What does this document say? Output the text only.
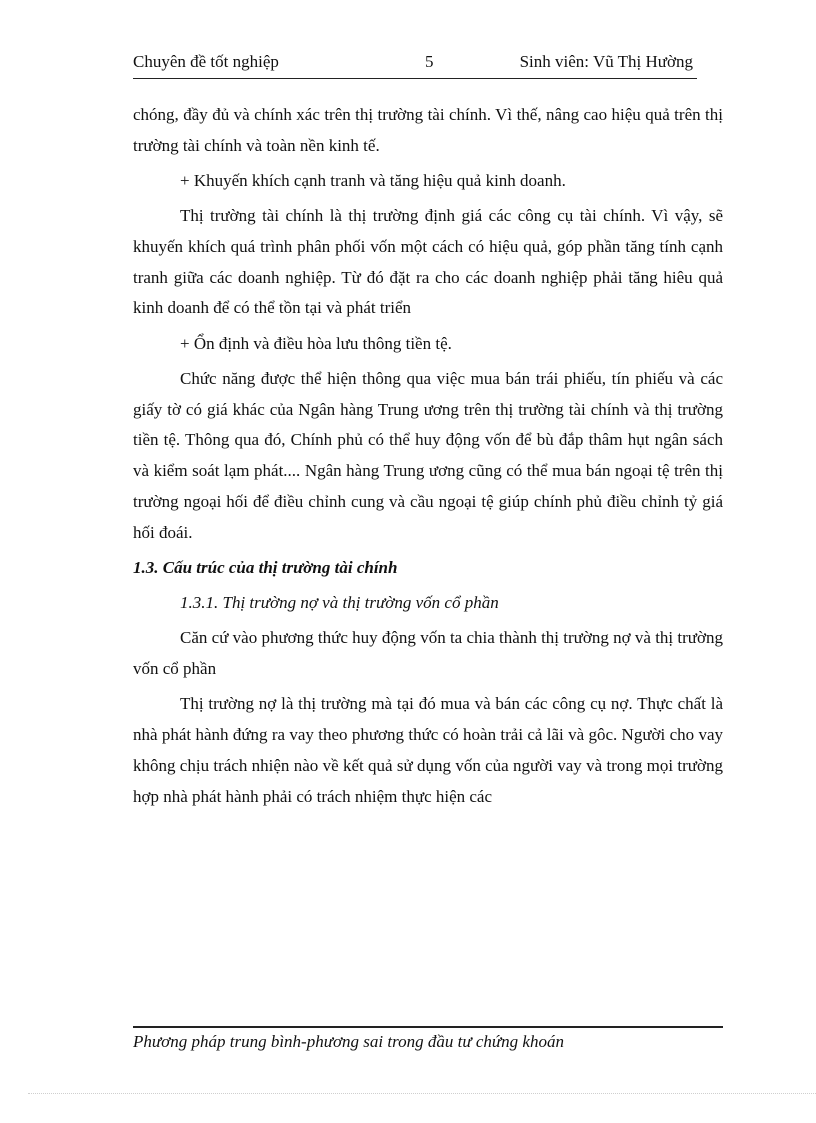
Chuyên đề tốt nghiệp	5	Sinh viên: Vũ Thị Hường

chóng, đầy đủ và chính xác trên thị trường tài chính. Vì thế, nâng cao hiệu quả trên thị trường tài chính và toàn nền kinh tế.

+ Khuyến khích cạnh tranh và tăng hiệu quả kinh doanh.

Thị trường tài chính là thị trường định giá các công cụ tài chính. Vì vậy, sẽ khuyến khích quá trình phân phối vốn một cách có hiệu quả, góp phần tăng tính cạnh tranh giữa các doanh nghiệp. Từ đó đặt ra cho các doanh nghiệp phải tăng hiêu quả kinh doanh để có thể tồn tại và phát triển

+ Ổn định và điều hòa lưu thông tiền tệ.

Chức năng được thể hiện thông qua việc mua bán trái phiếu, tín phiếu và các giấy tờ có giá khác của Ngân hàng Trung ương trên thị trường tài chính và thị trường tiền tệ. Thông qua đó, Chính phủ có thể huy động vốn để bù đắp thâm hụt ngân sách và kiểm soát lạm phát.... Ngân hàng Trung ương cũng có thể mua bán ngoại tệ trên thị trường ngoại hối để điều chỉnh cung và cầu ngoại tệ giúp chính phủ điều chỉnh tỷ giá hối đoái.

1.3. Cấu trúc của thị trường tài chính

1.3.1. Thị trường nợ và thị trường vốn cổ phần

Căn cứ vào phương thức huy động vốn ta chia thành thị trường nợ và thị trường vốn cổ phần

Thị trường nợ là thị trường mà tại đó mua và bán các công cụ nợ. Thực chất là nhà phát hành đứng ra vay theo phương thức có hoàn trải cả lãi và gôc. Người cho vay không chịu trách nhiện nào về kết quả sử dụng vốn của người vay và trong mọi trường hợp nhà phát hành phải có trách nhiệm thực hiện các

Phương pháp trung bình-phương sai trong đầu tư chứng khoán
